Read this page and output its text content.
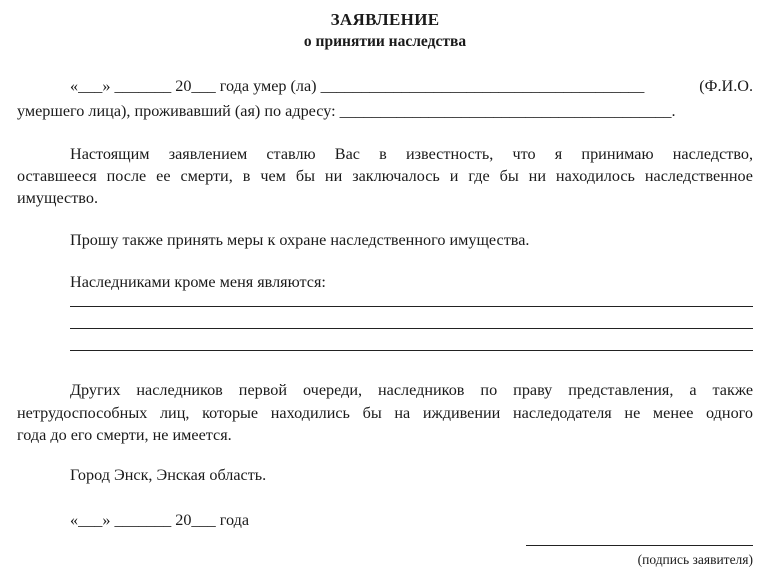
ЗАЯВЛЕНИЕ
о принятии наследства
«___» _______ 20___ года умер (ла) ________________________________________	(Ф.И.О.
умершего лица), проживавший (ая) по адресу: _________________________________________.
Настоящим заявлением ставлю Вас в известность, что я принимаю наследство,
оставшееся после ее смерти, в чем бы ни заключалось и где бы ни находилось наследственное
имущество.
Прошу также принять меры к охране наследственного имущества.
Наследниками кроме меня являются:
Других наследников первой очереди, наследников по праву представления, а также
нетрудоспособных лиц, которые находились бы на иждивении наследодателя не менее одного
года до его смерти, не имеется.
Город Энск, Энская область.
«___» _______ 20___ года
(подпись заявителя)
